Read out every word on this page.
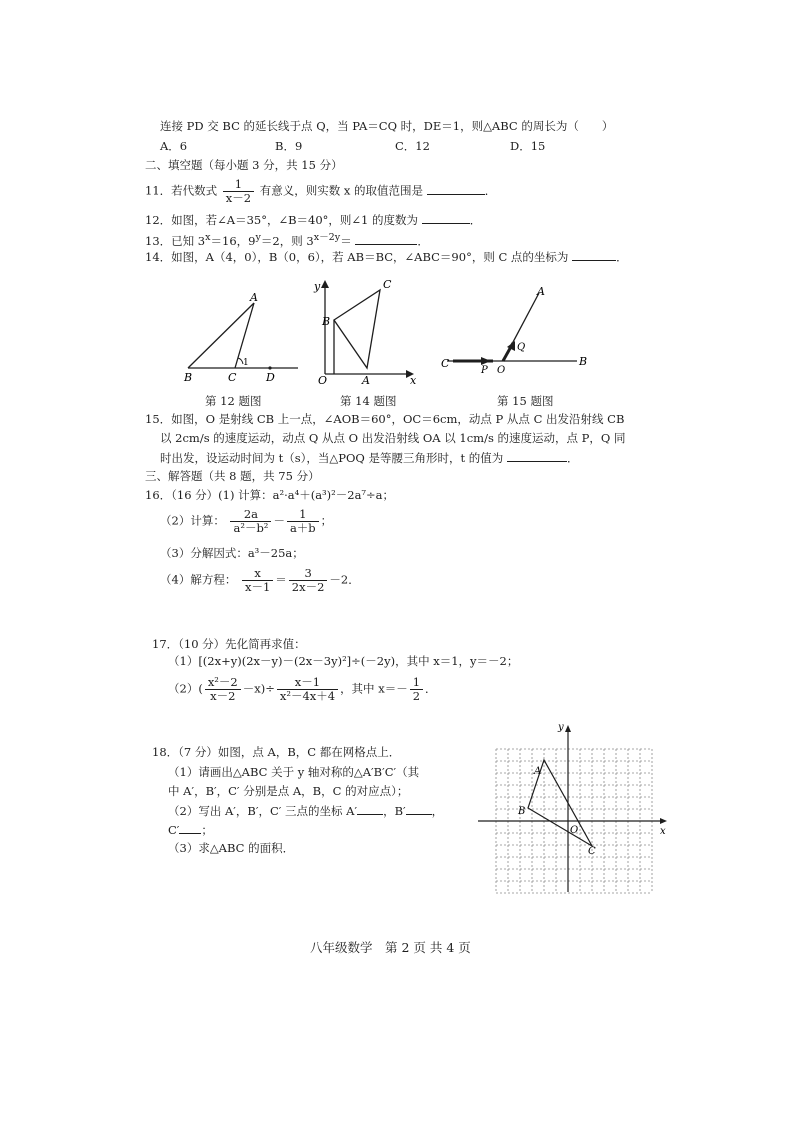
连接 PD 交 BC 的延长线于点 Q，当 PA＝CQ 时，DE＝1，则△ABC 的周长为（　　）
A．6	B．9	C．12	D．15
二、填空题（每小题 3 分，共 15 分）
11．若代数式 $\frac{1}{x-2}$ 有意义，则实数 x 的取值范围是	．
12．如图，若∠A＝35°，∠B＝40°，则∠1 的度数为	．
13．已知 $3^x=16$，$9^y=2$，则 $3^{x-2y}=$	．
14．如图，A（4，0），B（0，6），若 AB＝BC，∠ABC＝90°，则 C 点的坐标为	．
A
B	C	D
1
y
x
B
C
O	A
A
C
P O
Q
B
第 12 题图	第 14 题图	第 15 题图
15．如图，O 是射线 CB 上一点，∠AOB＝60°，OC＝6cm，动点 P 从点 C 出发沿射线 CB
以 2cm/s 的速度运动，动点 Q 从点 O 出发沿射线 OA 以 1cm/s 的速度运动，点 P，Q 同
时出发，设运动时间为 t（s），当△POQ 是等腰三角形时，t 的值为	．
三、解答题（共 8 题，共 75 分）
16．（16 分）(1) 计算：a²·a⁴＋(a³)²－2a⁷÷a；
（2）计算： $\frac{2a}{\text{a²－b²}} - \frac{1}{a+b}$ ；
（3）分解因式：a³－25a；
（4）解方程： $\frac{x}{x-1} = \frac{3}{2x-2} -2$．
17．（10 分）先化简再求值：
（1）[(2x+y)(2x－y)－(2x－3y)²]÷(－2y)，其中 x＝1，y＝－2；
$(2)( \frac{\text{x²－2}}{x-2} -x)\div \frac{x-1}{\text{x²－4x＋4}}$ ，其中 $x=- \frac{1}{2}$ ．
18．（7 分）如图，点 A，B，C 都在网格点上．
（1）请画出△ABC 关于 y 轴对称的△A′B′C′（其
中 A′，B′，C′ 分别是点 A，B，C 的对应点）；
（2）写出 A′，B′，C′ 三点的坐标 A′ ，B′ ，
C′ ；
（3）求△ABC 的面积．
y
x
A
B
O
C
八年级数学　第 2 页 共 4 页
